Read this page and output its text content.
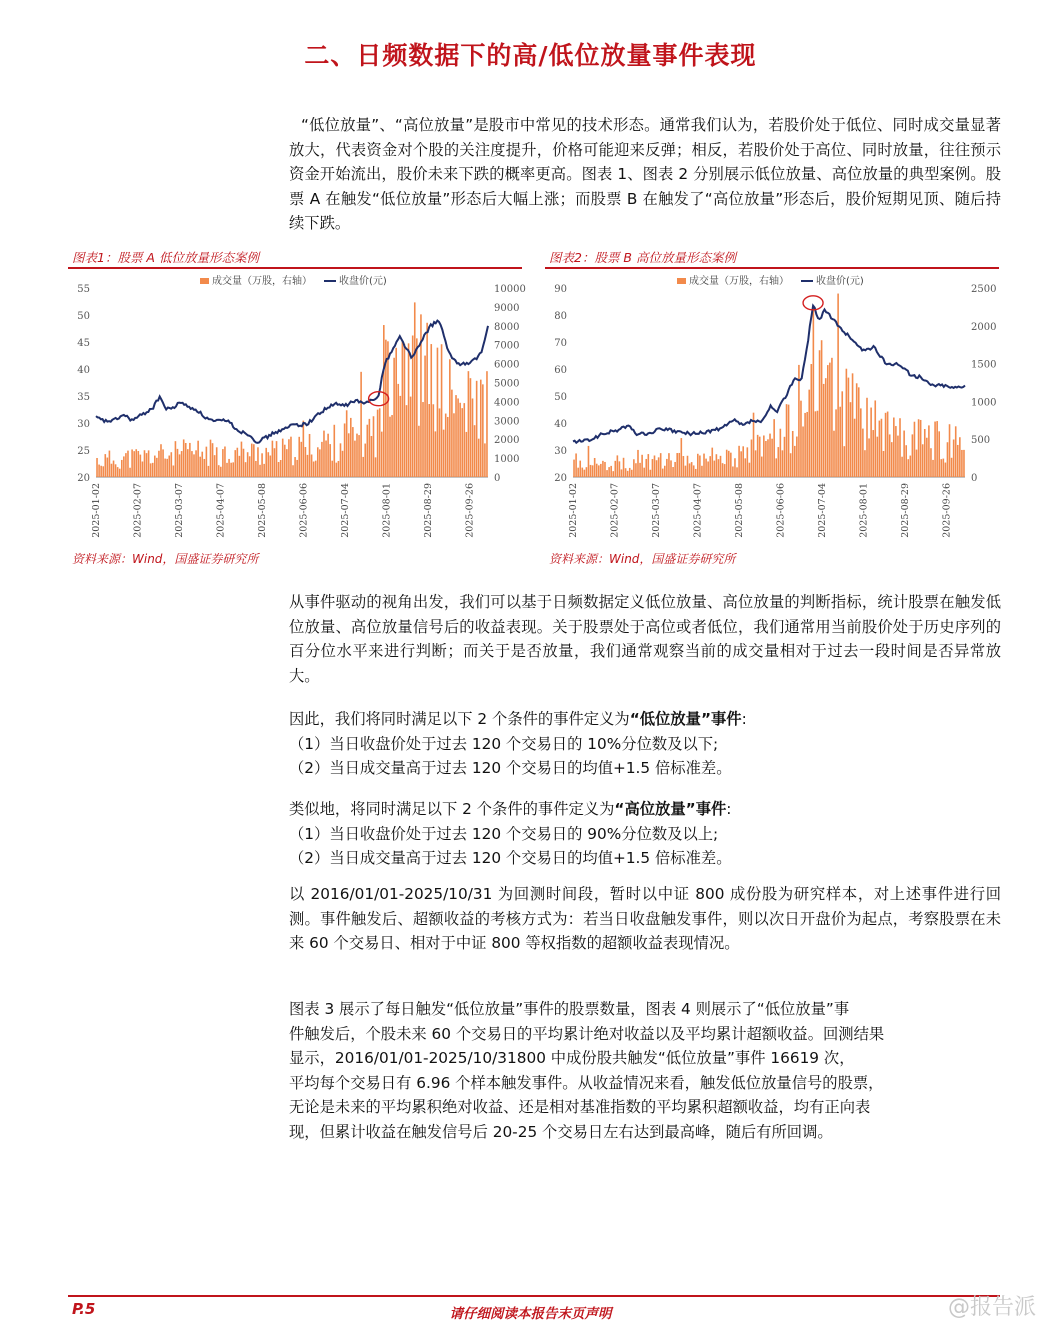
二、日频数据下的高/低位放量事件表现
“低位放量”、“高位放量”是股市中常见的技术形态。通常我们认为，若股价处于低位、同时成交量显著放大，代表资金对个股的关注度提升，价格可能迎来反弹；相反，若股价处于高位、同时放量，往往预示资金开始流出，股价未来下跌的概率更高。图表 1、图表 2 分别展示低位放量、高位放量的典型案例。股票 A 在触发“低位放量”形态后大幅上涨；而股票 B 在触发了“高位放量”形态后，股价短期见顶、随后持续下跌。
图表1：股票 A 低位放量形态案例
20
25
30
35
40
45
50
55
0
1000
2000
3000
4000
5000
6000
7000
8000
9000
10000
2025-01-02	2025-02-07	2025-03-07	2025-04-07	2025-05-08	2025-06-06	2025-07-04	2025-08-01	2025-08-29	2025-09-26
成交量（万股，右轴）	收盘价(元)
资料来源：Wind，国盛证券研究所
图表2：股票 B 高位放量形态案例
20
30
40
50
60
70
80
90
0
500
1000
1500
2000
2500
2025-01-02	2025-02-07	2025-03-07	2025-04-07	2025-05-08	2025-06-06	2025-07-04	2025-08-01	2025-08-29	2025-09-26
成交量（万股，右轴）	收盘价(元)
资料来源：Wind，国盛证券研究所
从事件驱动的视角出发，我们可以基于日频数据定义低位放量、高位放量的判断指标，统计股票在触发低位放量、高位放量信号后的收益表现。关于股票处于高位或者低位，我们通常用当前股价处于历史序列的百分位水平来进行判断；而关于是否放量，我们通常观察当前的成交量相对于过去一段时间是否异常放大。
因此，我们将同时满足以下 2 个条件的事件定义为“低位放量”事件:
（1）当日收盘价处于过去 120 个交易日的 10%分位数及以下;
（2）当日成交量高于过去 120 个交易日的均值+1.5 倍标准差。
类似地，将同时满足以下 2 个条件的事件定义为“高位放量”事件:
（1）当日收盘价处于过去 120 个交易日的 90%分位数及以上;
（2）当日成交量高于过去 120 个交易日的均值+1.5 倍标准差。
以 2016/01/01-2025/10/31 为回测时间段，暂时以中证 800 成份股为研究样本，对上述事件进行回测。事件触发后、超额收益的考核方式为：若当日收盘触发事件，则以次日开盘价为起点，考察股票在未来 60 个交易日、相对于中证 800 等权指数的超额收益表现情况。
图表 3 展示了每日触发“低位放量”事件的股票数量，图表 4 则展示了“低位放量”事
件触发后，个股未来 60 个交易日的平均累计绝对收益以及平均累计超额收益。回测结果
显示，2016/01/01-2025/10/31800 中成份股共触发“低位放量”事件 16619 次，
平均每个交易日有 6.96 个样本触发事件。从收益情况来看，触发低位放量信号的股票，
无论是未来的平均累积绝对收益、还是相对基准指数的平均累积超额收益，均有正向表
现，但累计收益在触发信号后 20-25 个交易日左右达到最高峰，随后有所回调。
P.5	请仔细阅读本报告末页声明	@报告派
